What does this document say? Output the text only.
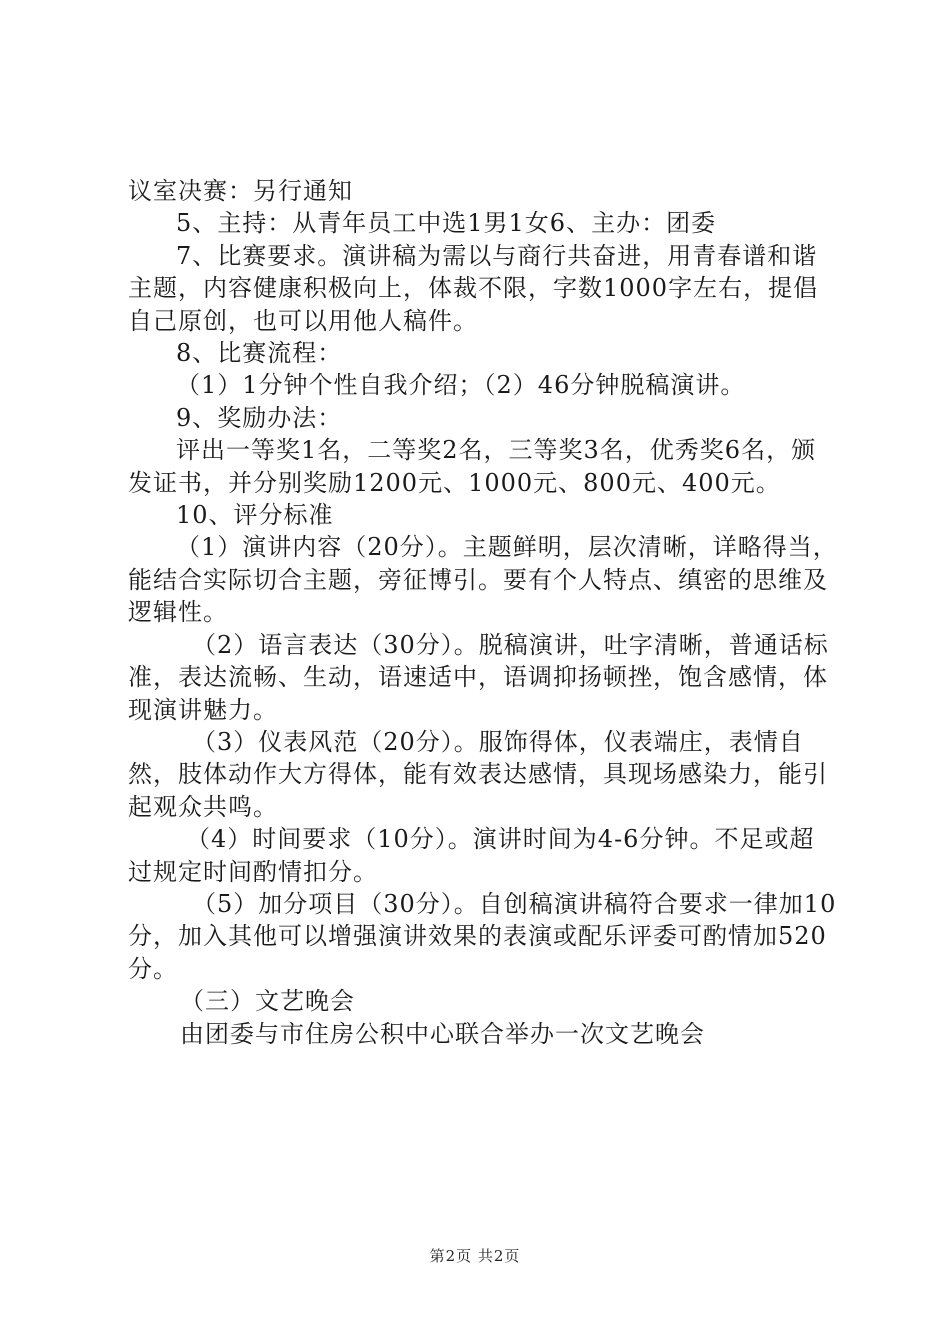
议室决赛：另行通知

5、主持：从青年员工中选1男1女6、主办：团委

7、比赛要求。演讲稿为需以与商行共奋进，用青春谱和谐主题，内容健康积极向上，体裁不限，字数1000字左右，提倡自己原创，也可以用他人稿件。

8、比赛流程：

（1）1分钟个性自我介绍；（2）46分钟脱稿演讲。

9、奖励办法：

评出一等奖1名，二等奖2名，三等奖3名，优秀奖6名，颁发证书，并分别奖励1200元、1000元、800元、400元。

10、评分标准

（1）演讲内容（20分）。主题鲜明，层次清晰，详略得当，能结合实际切合主题，旁征博引。要有个人特点、缜密的思维及逻辑性。

（2）语言表达（30分）。脱稿演讲，吐字清晰，普通话标准，表达流畅、生动，语速适中，语调抑扬顿挫，饱含感情，体现演讲魅力。

（3）仪表风范（20分）。服饰得体，仪表端庄，表情自然，肢体动作大方得体，能有效表达感情，具现场感染力，能引起观众共鸣。

（4）时间要求（10分）。演讲时间为4-6分钟。不足或超过规定时间酌情扣分。

（5）加分项目（30分）。自创稿演讲稿符合要求一律加10分，加入其他可以增强演讲效果的表演或配乐评委可酌情加520分。

（三）文艺晚会

由团委与市住房公积中心联合举办一次文艺晚会

第2页 共2页
